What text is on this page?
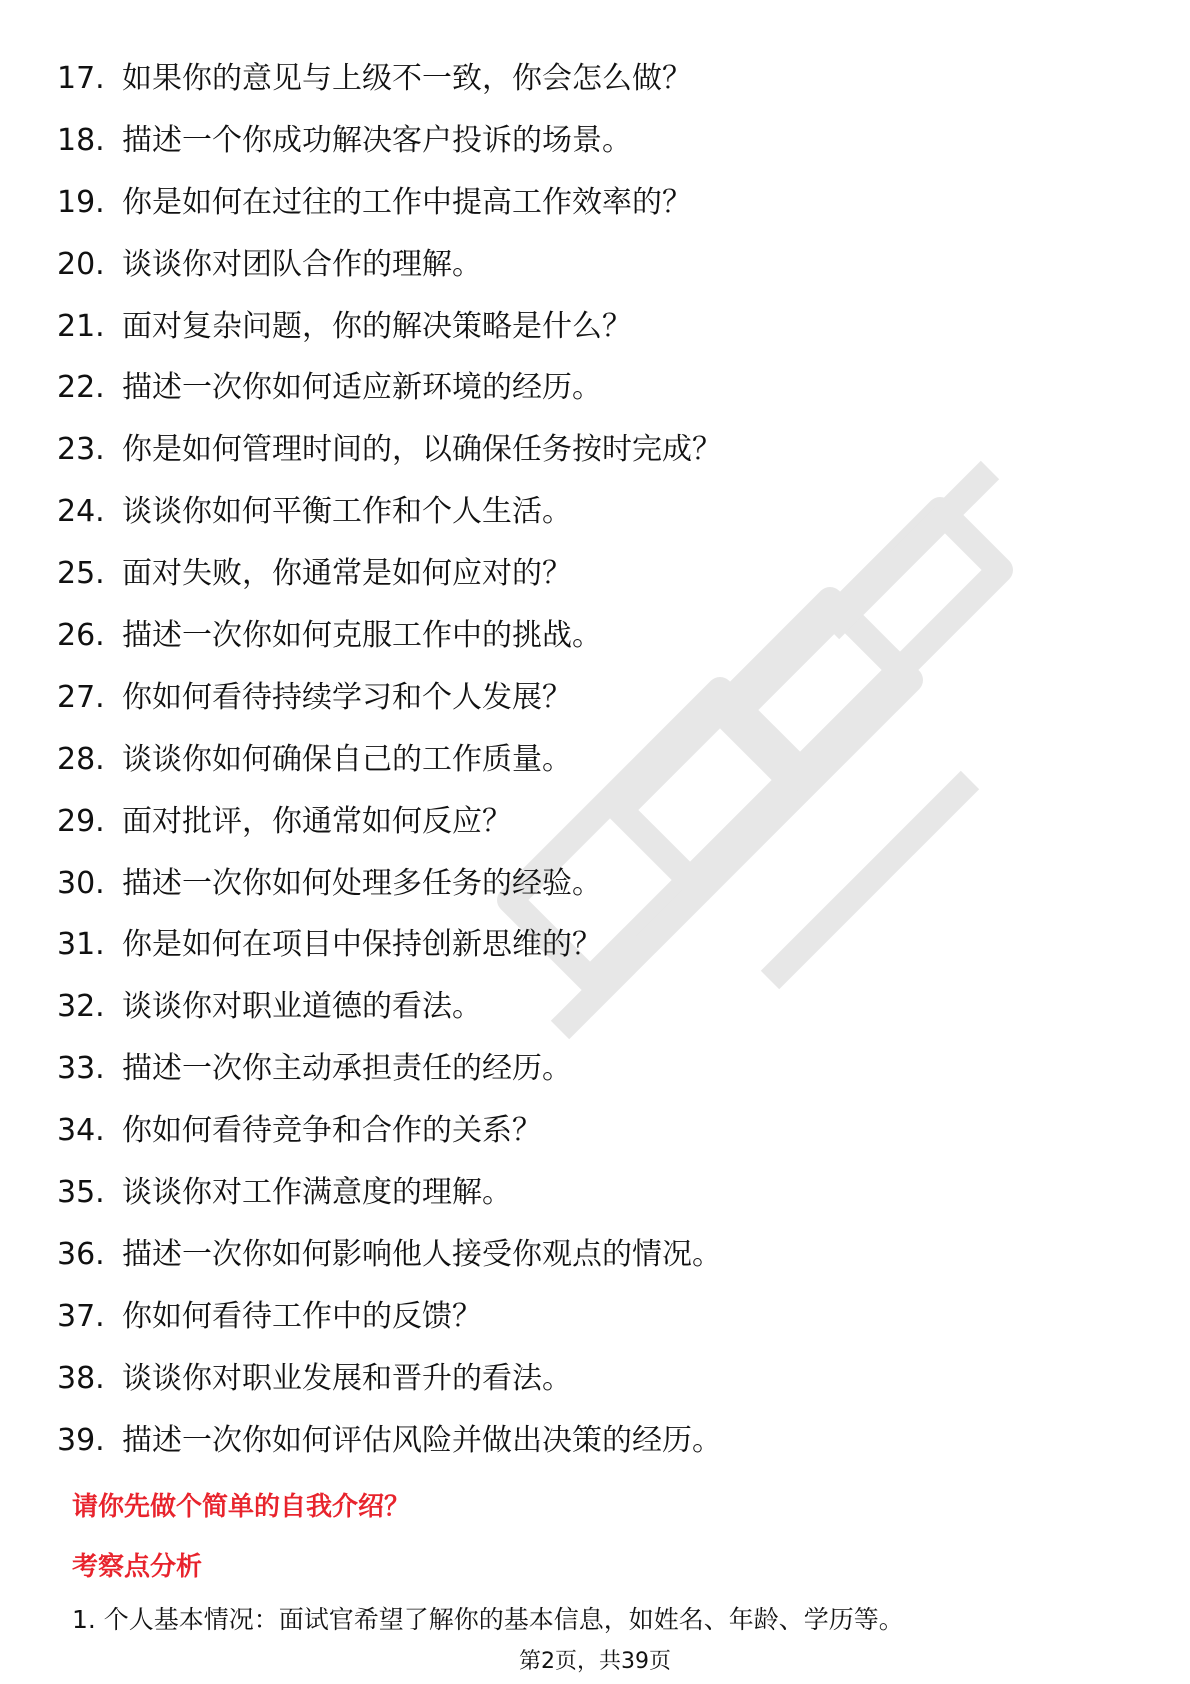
17. 如果你的意见与上级不一致，你会怎么做？
18. 描述一个你成功解决客户投诉的场景。
19. 你是如何在过往的工作中提高工作效率的？
20. 谈谈你对团队合作的理解。
21. 面对复杂问题，你的解决策略是什么？
22. 描述一次你如何适应新环境的经历。
23. 你是如何管理时间的，以确保任务按时完成？
24. 谈谈你如何平衡工作和个人生活。
25. 面对失败，你通常是如何应对的？
26. 描述一次你如何克服工作中的挑战。
27. 你如何看待持续学习和个人发展？
28. 谈谈你如何确保自己的工作质量。
29. 面对批评，你通常如何反应？
30. 描述一次你如何处理多任务的经验。
31. 你是如何在项目中保持创新思维的？
32. 谈谈你对职业道德的看法。
33. 描述一次你主动承担责任的经历。
34. 你如何看待竞争和合作的关系？
35. 谈谈你对工作满意度的理解。
36. 描述一次你如何影响他人接受你观点的情况。
37. 你如何看待工作中的反馈？
38. 谈谈你对职业发展和晋升的看法。
39. 描述一次你如何评估风险并做出决策的经历。
请你先做个简单的自我介绍？
考察点分析
1. 个人基本情况：面试官希望了解你的基本信息，如姓名、年龄、学历等。
第2页，共39页
